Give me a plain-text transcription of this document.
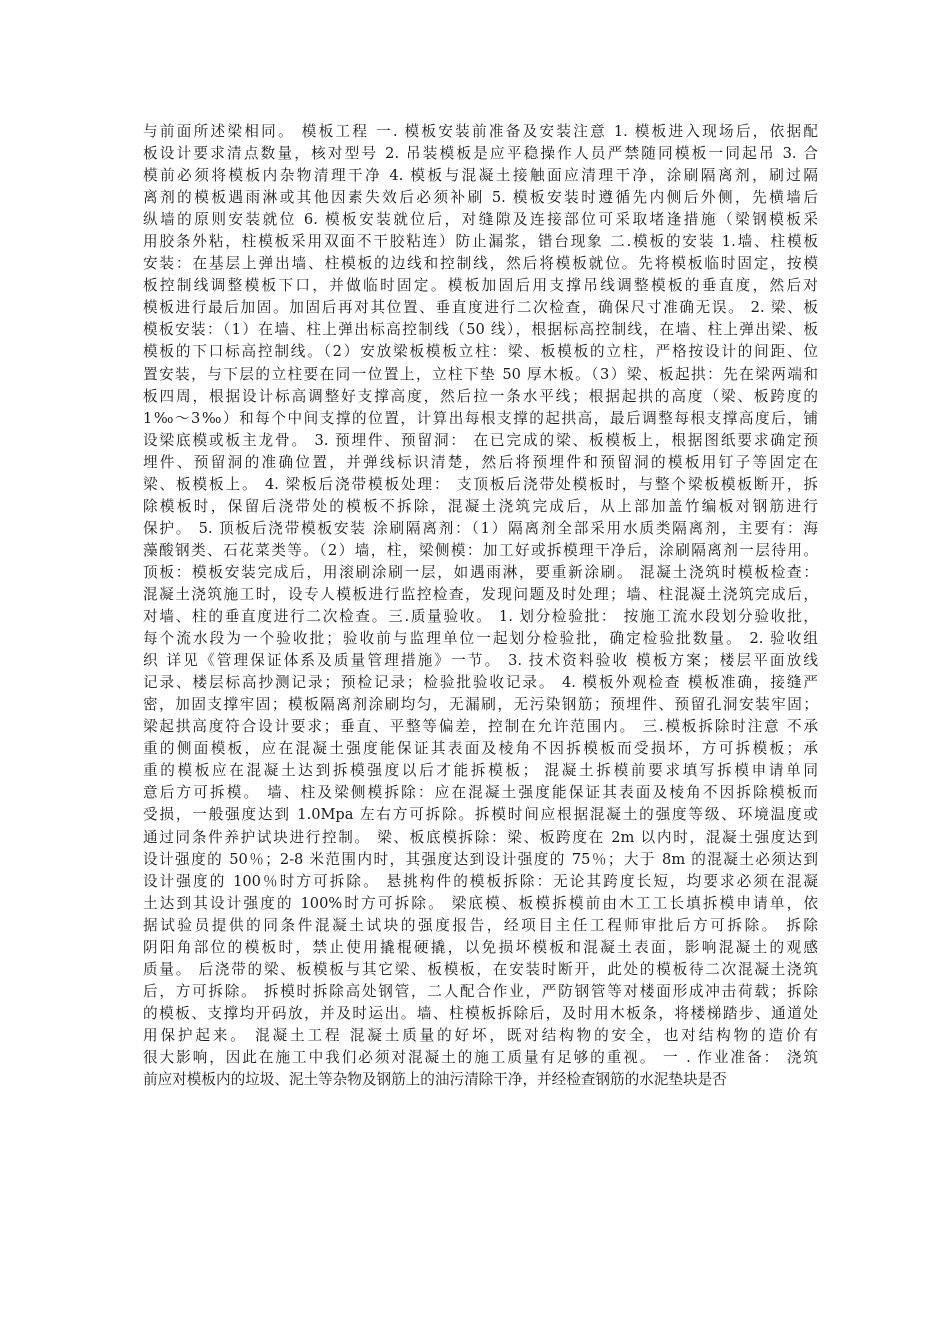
与前面所述梁相同。 模板工程 一. 模板安装前准备及安装注意 1. 模板进入现场后，依据配
板设计要求清点数量，核对型号 2. 吊装模板是应平稳操作人员严禁随同模板一同起吊 3. 合
模前必须将模板内杂物清理干净 4. 模板与混凝土接触面应清理干净，涂刷隔离剂，刷过隔
离剂的模板遇雨淋或其他因素失效后必须补刷 5. 模板安装时遵循先内侧后外侧，先横墙后
纵墙的原则安装就位 6. 模板安装就位后，对缝隙及连接部位可采取堵逢措施（梁钢模板采
用胶条外粘，柱模板采用双面不干胶粘连）防止漏浆，错台现象 二.模板的安装 1.墙、柱模板
安装：在基层上弹出墙、柱模板的边线和控制线，然后将模板就位。先将模板临时固定，按模
板控制线调整模板下口，并做临时固定。模板加固后用支撑吊线调整模板的垂直度，然后对
模板进行最后加固。加固后再对其位置、垂直度进行二次检查，确保尺寸准确无误。 2. 梁、板
模板安装：（1）在墙、柱上弹出标高控制线（50 线），根据标高控制线，在墙、柱上弹出梁、板
模板的下口标高控制线。（2）安放梁板模板立柱：梁、板模板的立柱，严格按设计的间距、位
置安装，与下层的立柱要在同一位置上，立柱下垫 50 厚木板。（3）梁、板起拱：先在梁两端和
板四周，根据设计标高调整好支撑高度，然后拉一条水平线；根据起拱的高度（梁、板跨度的
1‰～3‰）和每个中间支撑的位置，计算出每根支撑的起拱高，最后调整每根支撑高度后，铺
设梁底模或板主龙骨。 3. 预埋件、预留洞： 在已完成的梁、板模板上，根据图纸要求确定预
埋件、预留洞的准确位置，并弹线标识清楚，然后将预埋件和预留洞的模板用钉子等固定在
梁、板模板上。 4. 梁板后浇带模板处理： 支顶板后浇带处模板时，与整个梁板模板断开，拆
除模板时，保留后浇带处的模板不拆除，混凝土浇筑完成后，从上部加盖竹编板对钢筋进行
保护。 5. 顶板后浇带模板安装 涂刷隔离剂：（1）隔离剂全部采用水质类隔离剂，主要有：海
藻酸钢类、石花菜类等。（2）墙，柱，梁侧模：加工好或拆模理干净后，涂刷隔离剂一层待用。
顶板：模板安装完成后，用滚刷涂刷一层，如遇雨淋，要重新涂刷。 混凝土浇筑时模板检查：
混凝土浇筑施工时，设专人模板进行监控检查，发现问题及时处理；墙、柱混凝土浇筑完成后，
对墙、柱的垂直度进行二次检查。三.质量验收。 1. 划分检验批： 按施工流水段划分验收批，
每个流水段为一个验收批；验收前与监理单位一起划分检验批，确定检验批数量。 2. 验收组
织 详见《管理保证体系及质量管理措施》一节。 3. 技术资料验收 模板方案；楼层平面放线
记录、楼层标高抄测记录；预检记录；检验批验收记录。 4. 模板外观检查 模板准确，接缝严
密，加固支撑牢固；模板隔离剂涂刷均匀，无漏刷，无污染钢筋；预埋件、预留孔洞安装牢固；
梁起拱高度符合设计要求；垂直、平整等偏差，控制在允许范围内。 三.模板拆除时注意 不承
重的侧面模板，应在混凝土强度能保证其表面及棱角不因拆模板而受损坏，方可拆模板；承
重的模板应在混凝土达到拆模强度以后才能拆模板； 混凝土拆模前要求填写拆模申请单同
意后方可拆模。 墙、柱及梁侧模拆除：应在混凝土强度能保证其表面及棱角不因拆除模板而
受损，一般强度达到 1.0Mpa 左右方可拆除。拆模时间应根据混凝土的强度等级、环境温度或
通过同条件养护试块进行控制。 梁、板底模拆除：梁、板跨度在 2m 以内时，混凝土强度达到
设计强度的 50％；2-8 米范围内时，其强度达到设计强度的 75％；大于 8m 的混凝土必须达到
设计强度的 100％时方可拆除。 悬挑构件的模板拆除：无论其跨度长短，均要求必须在混凝
土达到其设计强度的 100%时方可拆除。 梁底模、板模拆模前由木工工长填拆模申请单，依
据试验员提供的同条件混凝土试块的强度报告，经项目主任工程师审批后方可拆除。 拆除
阴阳角部位的模板时，禁止使用撬棍硬撬，以免损坏模板和混凝土表面，影响混凝土的观感
质量。 后浇带的梁、板模板与其它梁、板模板，在安装时断开，此处的模板待二次混凝土浇筑
后，方可拆除。 拆模时拆除高处钢管，二人配合作业，严防钢管等对楼面形成冲击荷载；拆除
的模板、支撑均开码放，并及时运出。墙、柱模板拆除后，及时用木板条，将楼梯踏步、通道处
用保护起来。 混凝土工程 混凝土质量的好坏，既对结构物的安全，也对结构物的造价有
很大影响，因此在施工中我们必须对混凝土的施工质量有足够的重视。 一 . 作业准备： 浇筑
前应对模板内的垃圾、泥土等杂物及钢筋上的油污清除干净，并经检查钢筋的水泥垫块是否
